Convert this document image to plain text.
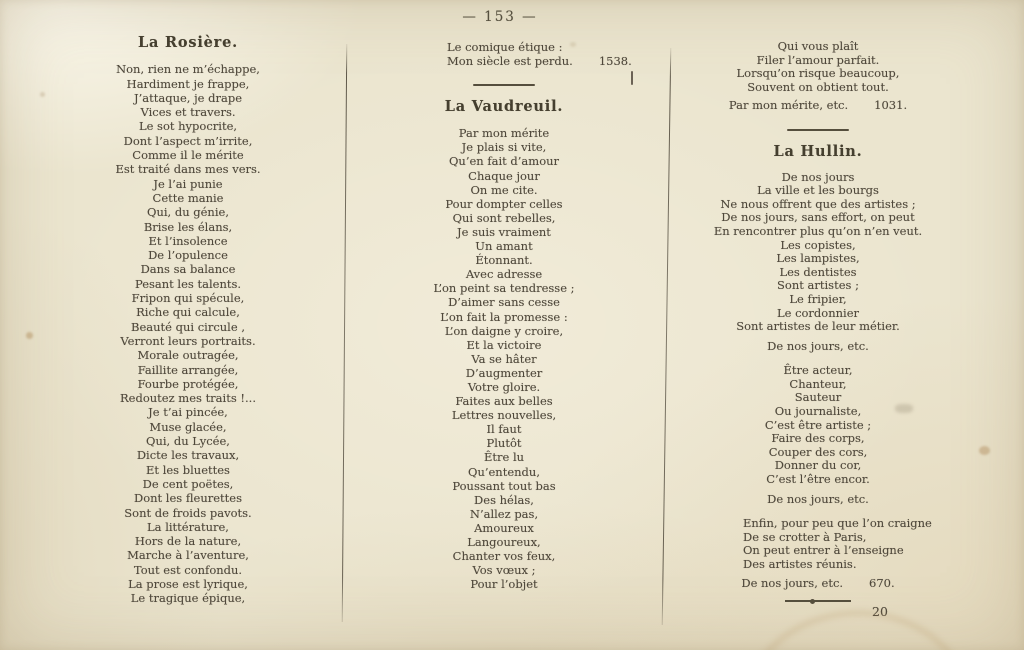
— 153 —
La Rosière.
Non, rien ne m’échappe,
Hardiment je frappe,
J’attaque, je drape
Vices et travers.
Le sot hypocrite,
Dont l’aspect m’irrite,
Comme il le mérite
Est traité dans mes vers.
Je l’ai punie
Cette manie
Qui, du génie,
Brise les élans,
Et l’insolence
De l’opulence
Dans sa balance
Pesant les talents.
Fripon qui spécule,
Riche qui calcule,
Beauté qui circule ,
Verront leurs portraits.
Morale outragée,
Faillite arrangée,
Fourbe protégée,
Redoutez mes traits !...
Je t’ai pincée,
Muse glacée,
Qui, du Lycée,
Dicte les travaux,
Et les bluettes
De cent poëtes,
Dont les fleurettes
Sont de froids pavots.
La littérature,
Hors de la nature,
Marche à l’aventure,
Tout est confondu.
La prose est lyrique,
Le tragique épique,
Le comique étique :
Mon siècle est perdu. 1538.
La Vaudreuil.
Par mon mérite
Je plais si vite,
Qu’en fait d’amour
Chaque jour
On me cite.
Pour dompter celles
Qui sont rebelles,
Je suis vraiment
Un amant
Étonnant.
Avec adresse
L’on peint sa tendresse ;
D’aimer sans cesse
L’on fait la promesse :
L’on daigne y croire,
Et la victoire
Va se hâter
D’augmenter
Votre gloire.
Faites aux belles
Lettres nouvelles,
Il faut
Plutôt
Être lu
Qu’entendu,
Poussant tout bas
Des hélas,
N’allez pas,
Amoureux
Langoureux,
Chanter vos feux,
Vos vœux ;
Pour l’objet
Qui vous plaît
Filer l’amour parfait.
Lorsqu’on risque beaucoup,
Souvent on obtient tout.
Par mon mérite, etc. 1031.
La Hullin.
De nos jours
La ville et les bourgs
Ne nous offrent que des artistes ;
De nos jours, sans effort, on peut
En rencontrer plus qu’on n’en veut.
Les copistes,
Les lampistes,
Les dentistes
Sont artistes ;
Le fripier,
Le cordonnier
Sont artistes de leur métier.
De nos jours, etc.
Être acteur,
Chanteur,
Sauteur
Ou journaliste,
C’est être artiste ;
Faire des corps,
Couper des cors,
Donner du cor,
C’est l’être encor.
De nos jours, etc.
Enfin, pour peu que l’on craigne
De se crotter à Paris,
On peut entrer à l’enseigne
Des artistes réunis.
De nos jours, etc. 670.
20
